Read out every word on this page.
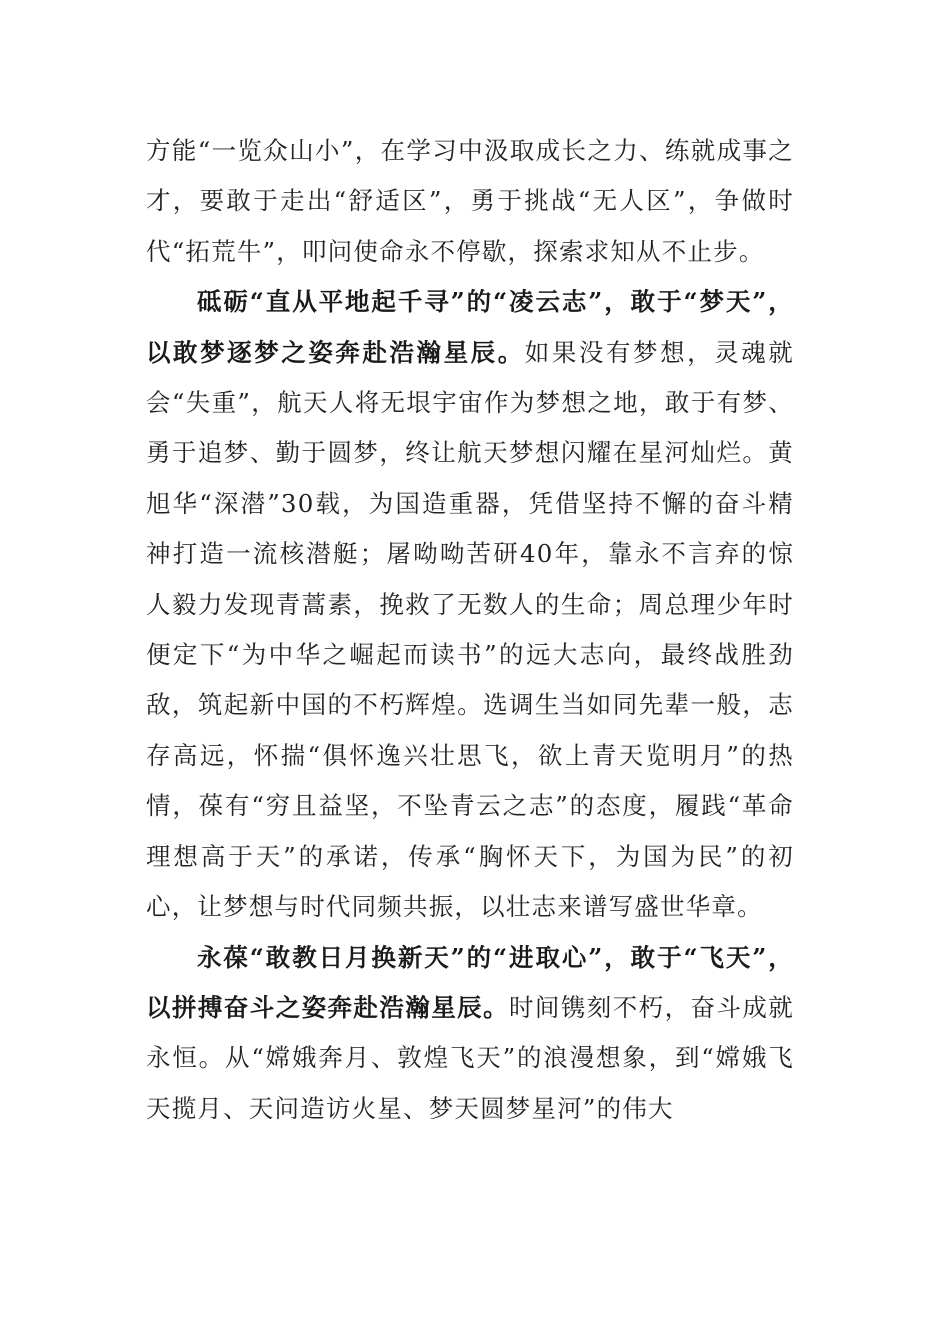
方能“一览众山小”，在学习中汲取成长之力、练就成事之才，要敢于走出“舒适区”，勇于挑战“无人区”，争做时代“拓荒牛”，叩问使命永不停歇，探索求知从不止步。

砥砺“直从平地起千寻”的“凌云志”，敢于“梦天”，以敢梦逐梦之姿奔赴浩瀚星辰。如果没有梦想，灵魂就会“失重”，航天人将无垠宇宙作为梦想之地，敢于有梦、勇于追梦、勤于圆梦，终让航天梦想闪耀在星河灿烂。黄旭华“深潜”30载，为国造重器，凭借坚持不懈的奋斗精神打造一流核潜艇；屠呦呦苦研40年，靠永不言弃的惊人毅力发现青蒿素，挽救了无数人的生命；周总理少年时便定下“为中华之崛起而读书”的远大志向，最终战胜劲敌，筑起新中国的不朽辉煌。选调生当如同先辈一般，志存高远，怀揣“俱怀逸兴壮思飞，欲上青天览明月”的热情，葆有“穷且益坚，不坠青云之志”的态度，履践“革命理想高于天”的承诺，传承“胸怀天下，为国为民”的初心，让梦想与时代同频共振，以壮志来谱写盛世华章。

永葆“敢教日月换新天”的“进取心”，敢于“飞天”，以拼搏奋斗之姿奔赴浩瀚星辰。时间镌刻不朽，奋斗成就永恒。从“嫦娥奔月、敦煌飞天”的浪漫想象，到“嫦娥飞天揽月、天问造访火星、梦天圆梦星河”的伟大
